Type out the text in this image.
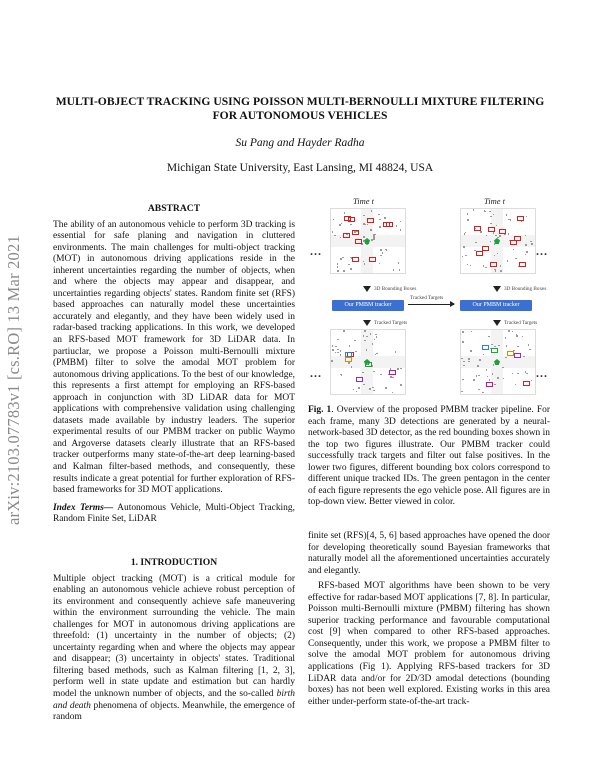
arXiv:2103.07783v1 [cs.RO] 13 Mar 2021
MULTI-OBJECT TRACKING USING POISSON MULTI-BERNOULLI MIXTURE FILTERING
FOR AUTONOMOUS VEHICLES
Su Pang and Hayder Radha
Michigan State University, East Lansing, MI 48824, USA
ABSTRACT

The ability of an autonomous vehicle to perform 3D tracking is essential for safe planing and navigation in cluttered environments. The main challenges for multi-object tracking (MOT) in autonomous driving applications reside in the inherent uncertainties regarding the number of objects, when and where the objects may appear and disappear, and uncertainties regarding objects' states. Random finite set (RFS) based approaches can naturally model these uncertainties accurately and elegantly, and they have been widely used in radar-based tracking applications. In this work, we developed an RFS-based MOT framework for 3D LiDAR data. In partiuclar, we propose a Poisson multi-Bernoulli mixture (PMBM) filter to solve the amodal MOT problem for autonomous driving applications. To the best of our knowledge, this represents a first attempt for employing an RFS-based approach in conjunction with 3D LiDAR data for MOT applications with comprehensive validation using challenging datasets made available by industry leaders. The superior experimental results of our PMBM tracker on public Waymo and Argoverse datasets clearly illustrate that an RFS-based tracker outperforms many state-of-the-art deep learning-based and Kalman filter-based methods, and consequently, these results indicate a great potential for further exploration of RFS-based frameworks for 3D MOT applications.

Index Terms— Autonomous Vehicle, Multi-Object Tracking, Random Finite Set, LiDAR

1. INTRODUCTION

Multiple object tracking (MOT) is a critical module for enabling an autonomous vehicle achieve robust perception of its environment and consequently achieve safe maneuvering within the environment surrounding the vehicle. The main challenges for MOT in autonomous driving applications are threefold: (1) uncertainty in the number of objects; (2) uncertainty regarding when and where the objects may appear and disappear; (3) uncertainty in objects' states. Traditional filtering based methods, such as Kalman filtering [1, 2, 3], perform well in state update and estimation but can hardly model the unknown number of objects, and the so-called birth and death phenomena of objects. Meanwhile, the emergence of random

Time t	Time t
...	...
...	...
3D Bounding Boxes	3D Bounding Boxes
Our PMBM tracker	Our PMBM tracker
Tracked Targets
Tracked Targets	Tracked Targets

Fig. 1. Overview of the proposed PMBM tracker pipeline. For each frame, many 3D detections are generated by a neural-network-based 3D detector, as the red bounding boxes shown in the top two figures illustrate. Our PMBM tracker could successfully track targets and filter out false positives. In the lower two figures, different bounding box colors correspond to different unique tracked IDs. The green pentagon in the center of each figure represents the ego vehicle pose. All figures are in top-down view. Better viewed in color.

finite set (RFS)[4, 5, 6] based approaches have opened the door for developing theoretically sound Bayesian frameworks that naturally model all the aforementioned uncertainties accurately and elegantly.

RFS-based MOT algorithms have been shown to be very effective for radar-based MOT applications [7, 8]. In particular, Poisson multi-Bernoulli mixture (PMBM) filtering has shown superior tracking performance and favourable computational cost [9] when compared to other RFS-based approaches. Consequently, under this work, we propose a PMBM filter to solve the amodal MOT problem for autonomous driving applications (Fig 1). Applying RFS-based trackers for 3D LiDAR data and/or for 2D/3D amodal detections (bounding boxes) has not been well explored. Existing works in this area either under-perform state-of-the-art track-
